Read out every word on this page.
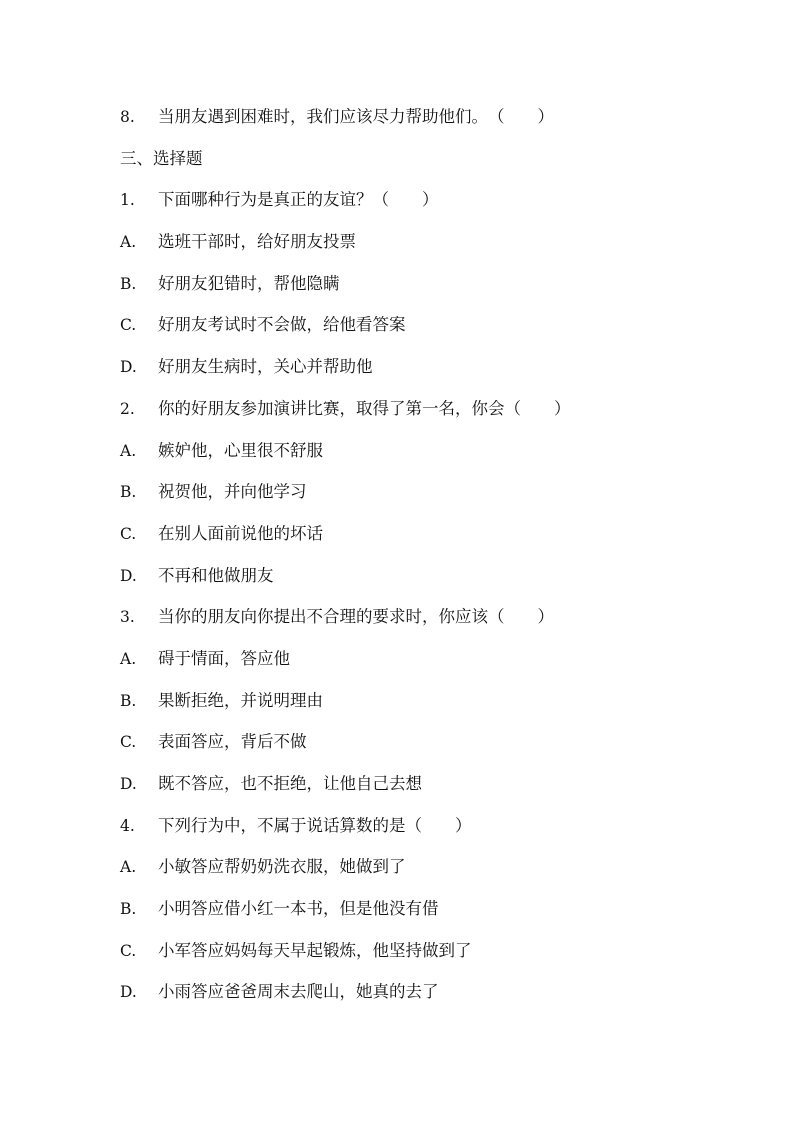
8.	当朋友遇到困难时，我们应该尽力帮助他们。 （　　）
三、选择题
1.	下面哪种行为是真正的友谊？ （　　）
A.	选班干部时，给好朋友投票
B.	好朋友犯错时，帮他隐瞒
C.	好朋友考试时不会做，给他看答案
D.	好朋友生病时，关心并帮助他
2.	你的好朋友参加演讲比赛，取得了第一名，你会 （　　）
A.	嫉妒他，心里很不舒服
B.	祝贺他，并向他学习
C.	在别人面前说他的坏话
D.	不再和他做朋友
3.	当你的朋友向你提出不合理的要求时，你应该 （　　）
A.	碍于情面，答应他
B.	果断拒绝，并说明理由
C.	表面答应，背后不做
D.	既不答应，也不拒绝，让他自己去想
4.	下列行为中，不属于说话算数的是 （　　）
A.	小敏答应帮奶奶洗衣服，她做到了
B.	小明答应借小红一本书，但是他没有借
C.	小军答应妈妈每天早起锻炼，他坚持做到了
D.	小雨答应爸爸周末去爬山，她真的去了
